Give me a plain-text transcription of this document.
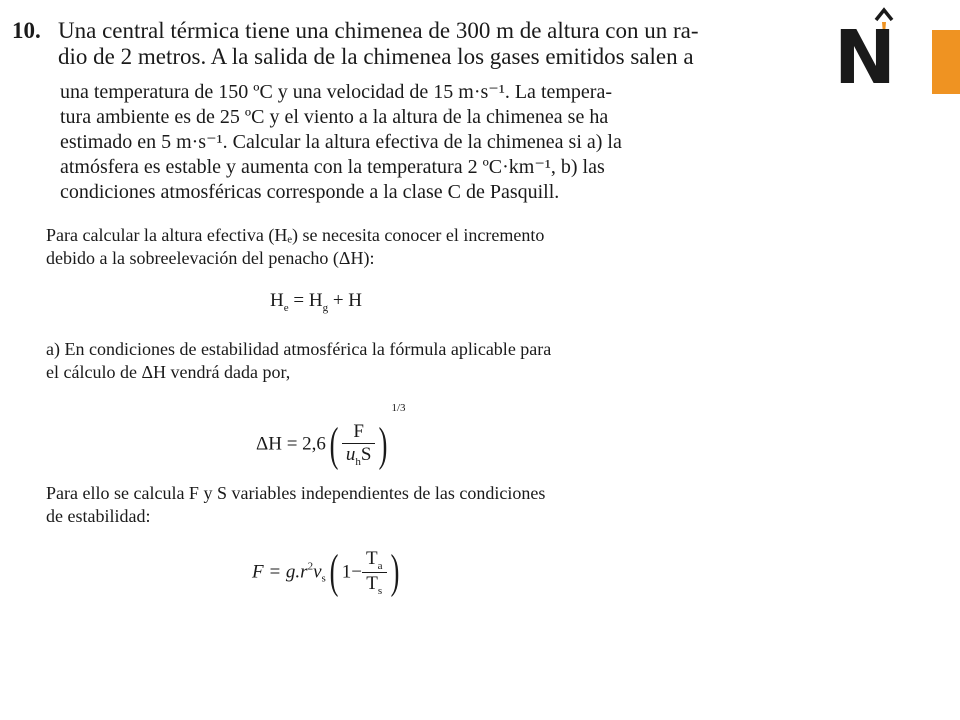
10. Una central térmica tiene una chimenea de 300 m de altura con un ra-
dio de 2 metros. A la salida de la chimenea los gases emitidos salen a
una temperatura de 150 ºC y una velocidad de 15 m·s⁻¹. La tempera-
tura ambiente es de 25 ºC y el viento a la altura de la chimenea se ha
estimado en 5 m·s⁻¹. Calcular la altura efectiva de la chimenea si a) la
atmósfera es estable y aumenta con la temperatura 2 ºC·km⁻¹, b) las
condiciones atmosféricas corresponde a la clase C de Pasquill.
Para calcular la altura efectiva (Hₑ) se necesita conocer el incremento
debido a la sobreelevación del penacho (ΔH):
$H_e = H_g + H$
a) En condiciones de estabilidad atmosférica la fórmula aplicable para
el cálculo de ΔH vendrá dada por,
$\Delta H = 2,6( \frac{F}{u_hS} )^{1/3}$
Para ello se calcula F y S variables independientes de las condiciones
de estabilidad:
$F = g.r^2v_s$( $1- \frac{T_a}{T_s}$ )
N
